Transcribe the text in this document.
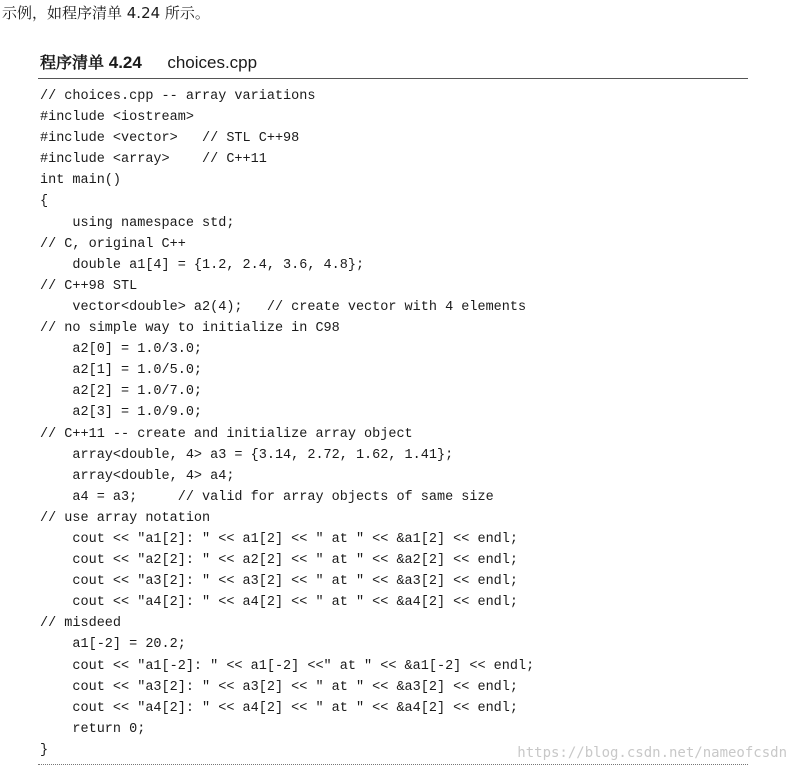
示例，如程序清单 4.24 所示。
程序清单 4.24 choices.cpp
// choices.cpp -- array variations
#include <iostream>
#include <vector>   // STL C++98
#include <array>    // C++11
int main()
{
using namespace std;
// C, original C++
double a1[4] = {1.2, 2.4, 3.6, 4.8};
// C++98 STL
vector<double> a2(4);   // create vector with 4 elements
// no simple way to initialize in C98
a2[0] = 1.0/3.0;
a2[1] = 1.0/5.0;
a2[2] = 1.0/7.0;
a2[3] = 1.0/9.0;
// C++11 -- create and initialize array object
array<double, 4> a3 = {3.14, 2.72, 1.62, 1.41};
array<double, 4> a4;
a4 = a3;     // valid for array objects of same size
// use array notation
cout << "a1[2]: " << a1[2] << " at " << &a1[2] << endl;
cout << "a2[2]: " << a2[2] << " at " << &a2[2] << endl;
cout << "a3[2]: " << a3[2] << " at " << &a3[2] << endl;
cout << "a4[2]: " << a4[2] << " at " << &a4[2] << endl;
// misdeed
a1[-2] = 20.2;
cout << "a1[-2]: " << a1[-2] <<" at " << &a1[-2] << endl;
cout << "a3[2]: " << a3[2] << " at " << &a3[2] << endl;
cout << "a4[2]: " << a4[2] << " at " << &a4[2] << endl;
return 0;
}	https://blog.csdn.net/nameofcsdn
